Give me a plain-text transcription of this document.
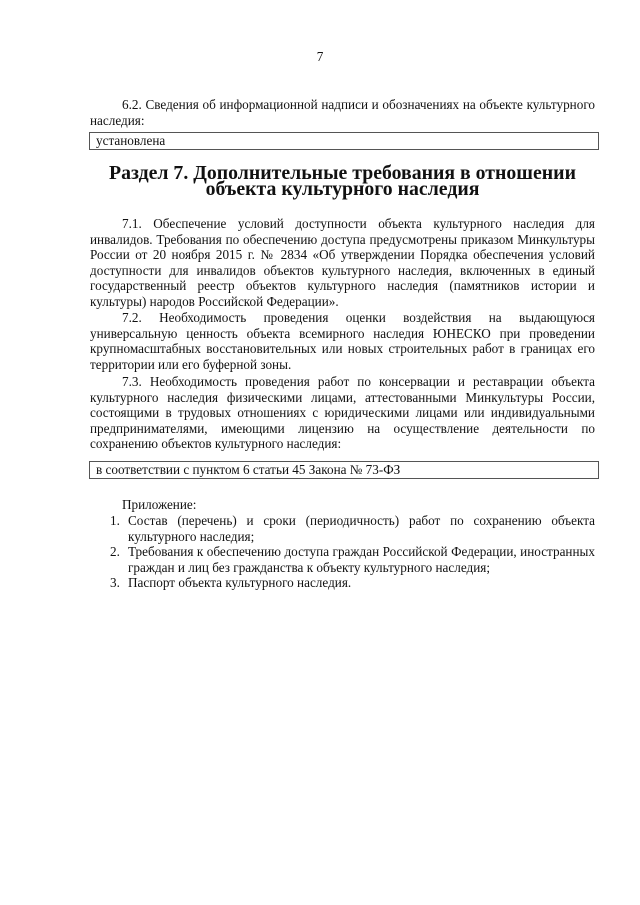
7

6.2. Сведения об информационной надписи и обозначениях на объекте культурного наследия:

установлена
Раздел 7. Дополнительные требования в отношении
объекта культурного наследия

7.1. Обеспечение условий доступности объекта культурного наследия для инвалидов. Требования по обеспечению доступа предусмотрены приказом Минкультуры России от 20 ноября 2015 г. № 2834 «Об утверждении Порядка обеспечения условий доступности для инвалидов объектов культурного наследия, включенных в единый государственный реестр объектов культурного наследия (памятников истории и культуры) народов Российской Федерации».

7.2. Необходимость проведения оценки воздействия на выдающуюся универсальную ценность объекта всемирного наследия ЮНЕСКО при проведении крупномасштабных восстановительных или новых строительных работ в границах его территории или его буферной зоны.

7.3. Необходимость проведения работ по консервации и реставрации объекта культурного наследия физическими лицами, аттестованными Минкультуры России, состоящими в трудовых отношениях с юридическими лицами или индивидуальными предпринимателями, имеющими лицензию на осуществление деятельности по сохранению объектов культурного наследия:

в соответствии с пунктом 6 статьи 45 Закона № 73-ФЗ

Приложение:

1. Состав (перечень) и сроки (периодичность) работ по сохранению объекта культурного наследия;
2. Требования к обеспечению доступа граждан Российской Федерации, иностранных граждан и лиц без гражданства к объекту культурного наследия;
3. Паспорт объекта культурного наследия.
